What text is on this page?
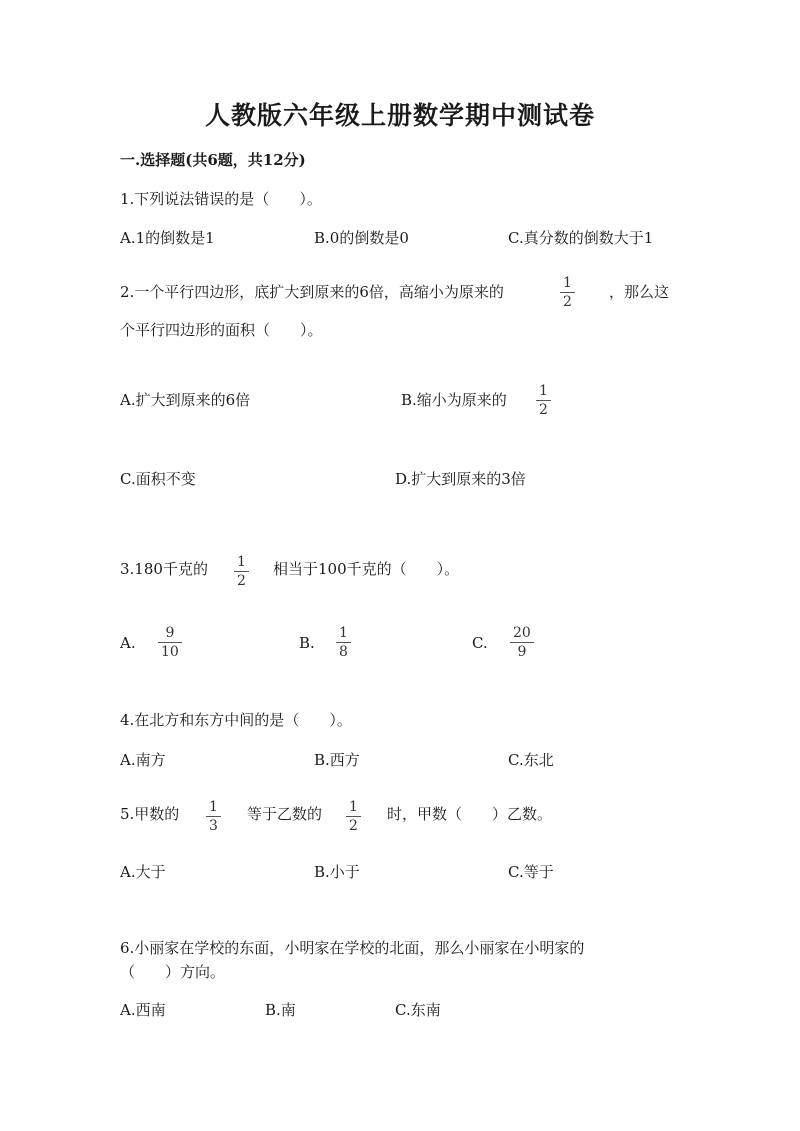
人教版六年级上册数学期中测试卷
一.选择题(共6题，共12分)
1.下列说法错误的是（　　）。
A.1的倒数是1	B.0的倒数是0	C.真分数的倒数大于1
2.一个平行四边形，底扩大到原来的6倍，高缩小为原来的	1
2
，那么这
个平行四边形的面积（　　）。
A.扩大到原来的6倍	B.缩小为原来的 1
2
C.面积不变	D.扩大到原来的3倍
3.180千克的 1
2
相当于100千克的（　　）。
A.
9
10	B.
1
8	C.
20
9
4.在北方和东方中间的是（　　）。
A.南方	B.西方	C.东北
5.甲数的 1
3
等于乙数的 1
2
时，甲数（　　）乙数。
A.大于	B.小于	C.等于
6.小丽家在学校的东面，小明家在学校的北面，那么小丽家在小明家的
（　　）方向。
A.西南	B.南	C.东南
